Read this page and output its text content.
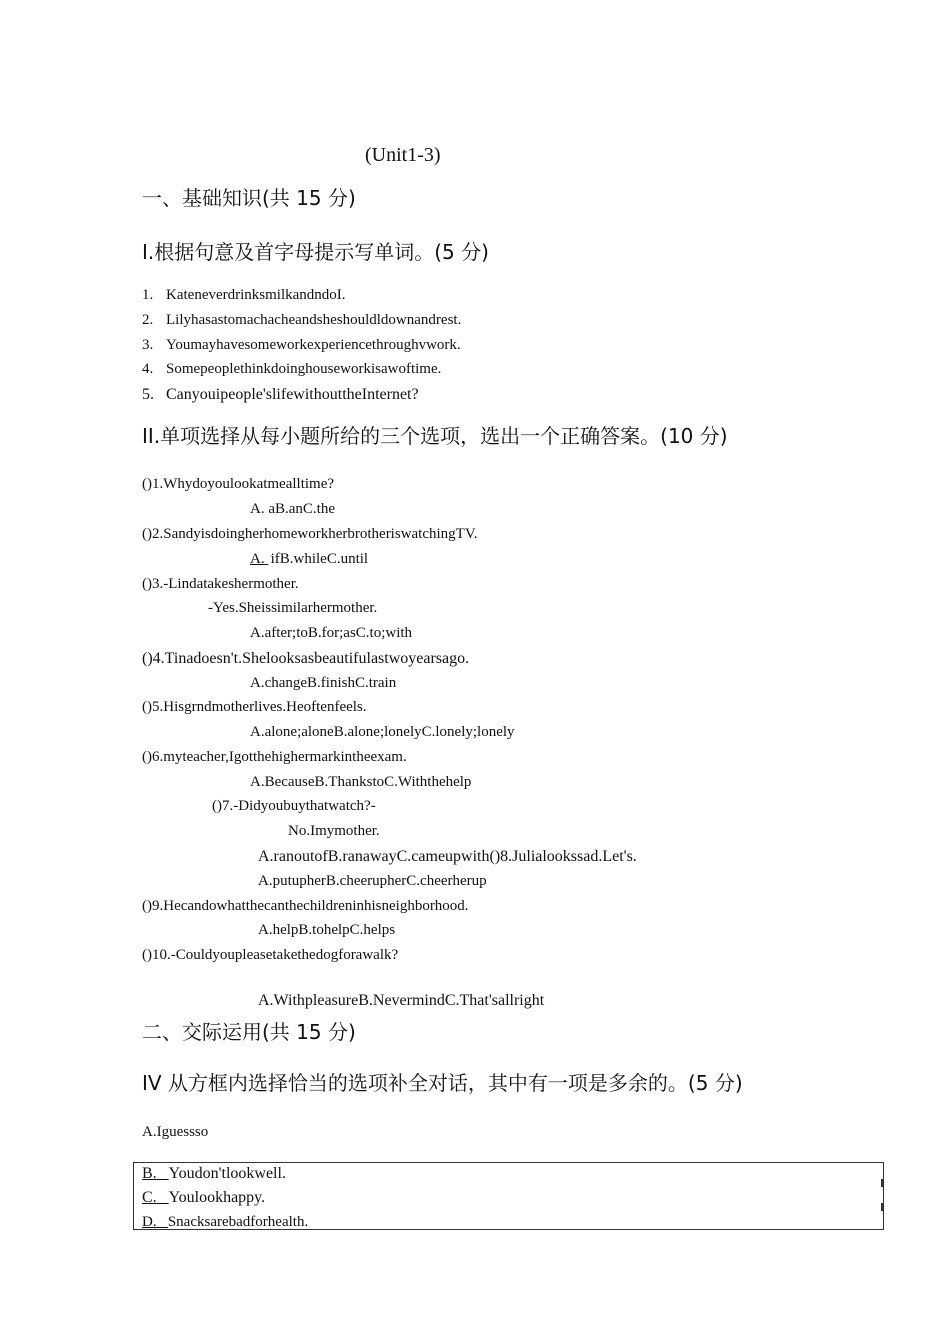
(Unit1-3)
一、基础知识(共 15 分)
I.根据句意及首字母提示写单词。(5 分)
1. KateneverdrinksmilkandndoI.
2. Lilyhasastomachacheandsheshouldldownandrest.
3. Youmayhavesomeworkexperiencethroughvwork.
4. Somepeoplethinkdoinghouseworkisawoftime.
5. Canyouipeople'slifewithouttheInternet?
II.单项选择从每小题所给的三个选项，选出一个正确答案。(10 分)
()1.Whydoyoulookatmealltime?
A. aB.anC.the
()2.SandyisdoingherhomeworkherbrotheriswatchingTV.
A. ifB.whileC.until
()3.-Lindatakeshermother.
-Yes.Sheissimilarhermother.
A.after;toB.for;asC.to;with
()4.Tinadoesn't.Shelooksasbeautifulastwoyearsago.
A.changeB.finishC.train
()5.Hisgrndmotherlives.Heoftenfeels.
A.alone;aloneB.alone;lonelyC.lonely;lonely
()6.myteacher,Igotthehighermarkintheexam.
A.BecauseB.ThankstoC.Withthehelp
()7.-Didyoubuythatwatch?-
No.Imymother.
A.ranoutofB.ranawayC.cameupwith()8.Julialookssad.Let's.
A.putupherB.cheerupherC.cheerherup
()9.Hecandowhatthecanthechildreninhisneighborhood.
A.helpB.tohelpC.helps
()10.-Couldyoupleasetakethedogforawalk?
A.WithpleasureB.NevermindC.That'sallright
二、交际运用(共 15 分)
IV 从方框内选择恰当的选项补全对话，其中有一项是多余的。(5 分)
A.Iguessso
B. Youdon'tlookwell.
C. Youlookhappy.
D. Snacksarebadforhealth.
